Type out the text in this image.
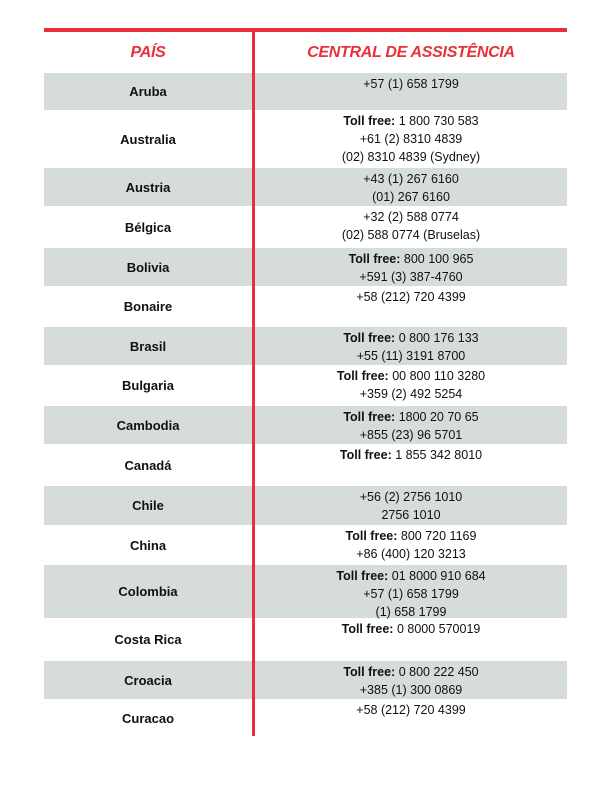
PAÍS	CENTRAL DE ASSISTÊNCIA
Aruba	+57 (1) 658 1799
Australia
Toll free: 1 800 730 583
+61 (2) 8310 4839
(02) 8310 4839 (Sydney)
Austria
+43 (1) 267 6160
(01) 267 6160
Bélgica
+32 (2) 588 0774
(02) 588 0774 (Bruselas)
Bolivia
Toll free: 800 100 965
+591 (3) 387-4760
Bonaire
+58 (212) 720 4399
Brasil
Toll free: 0 800 176 133
+55 (11) 3191 8700
Bulgaria
Toll free: 00 800 110 3280
+359 (2) 492 5254
Cambodia
Toll free: 1800 20 70 65
+855 (23) 96 5701
Canadá
Toll free: 1 855 342 8010
Chile
+56 (2) 2756 1010
2756 1010
China
Toll free: 800 720 1169
+86 (400) 120 3213
Colombia
Toll free: 01 8000 910 684
+57 (1) 658 1799
(1) 658 1799
Costa Rica
Toll free: 0 8000 570019
Croacia
Toll free: 0 800 222 450
+385 (1) 300 0869
Curacao
+58 (212) 720 4399
